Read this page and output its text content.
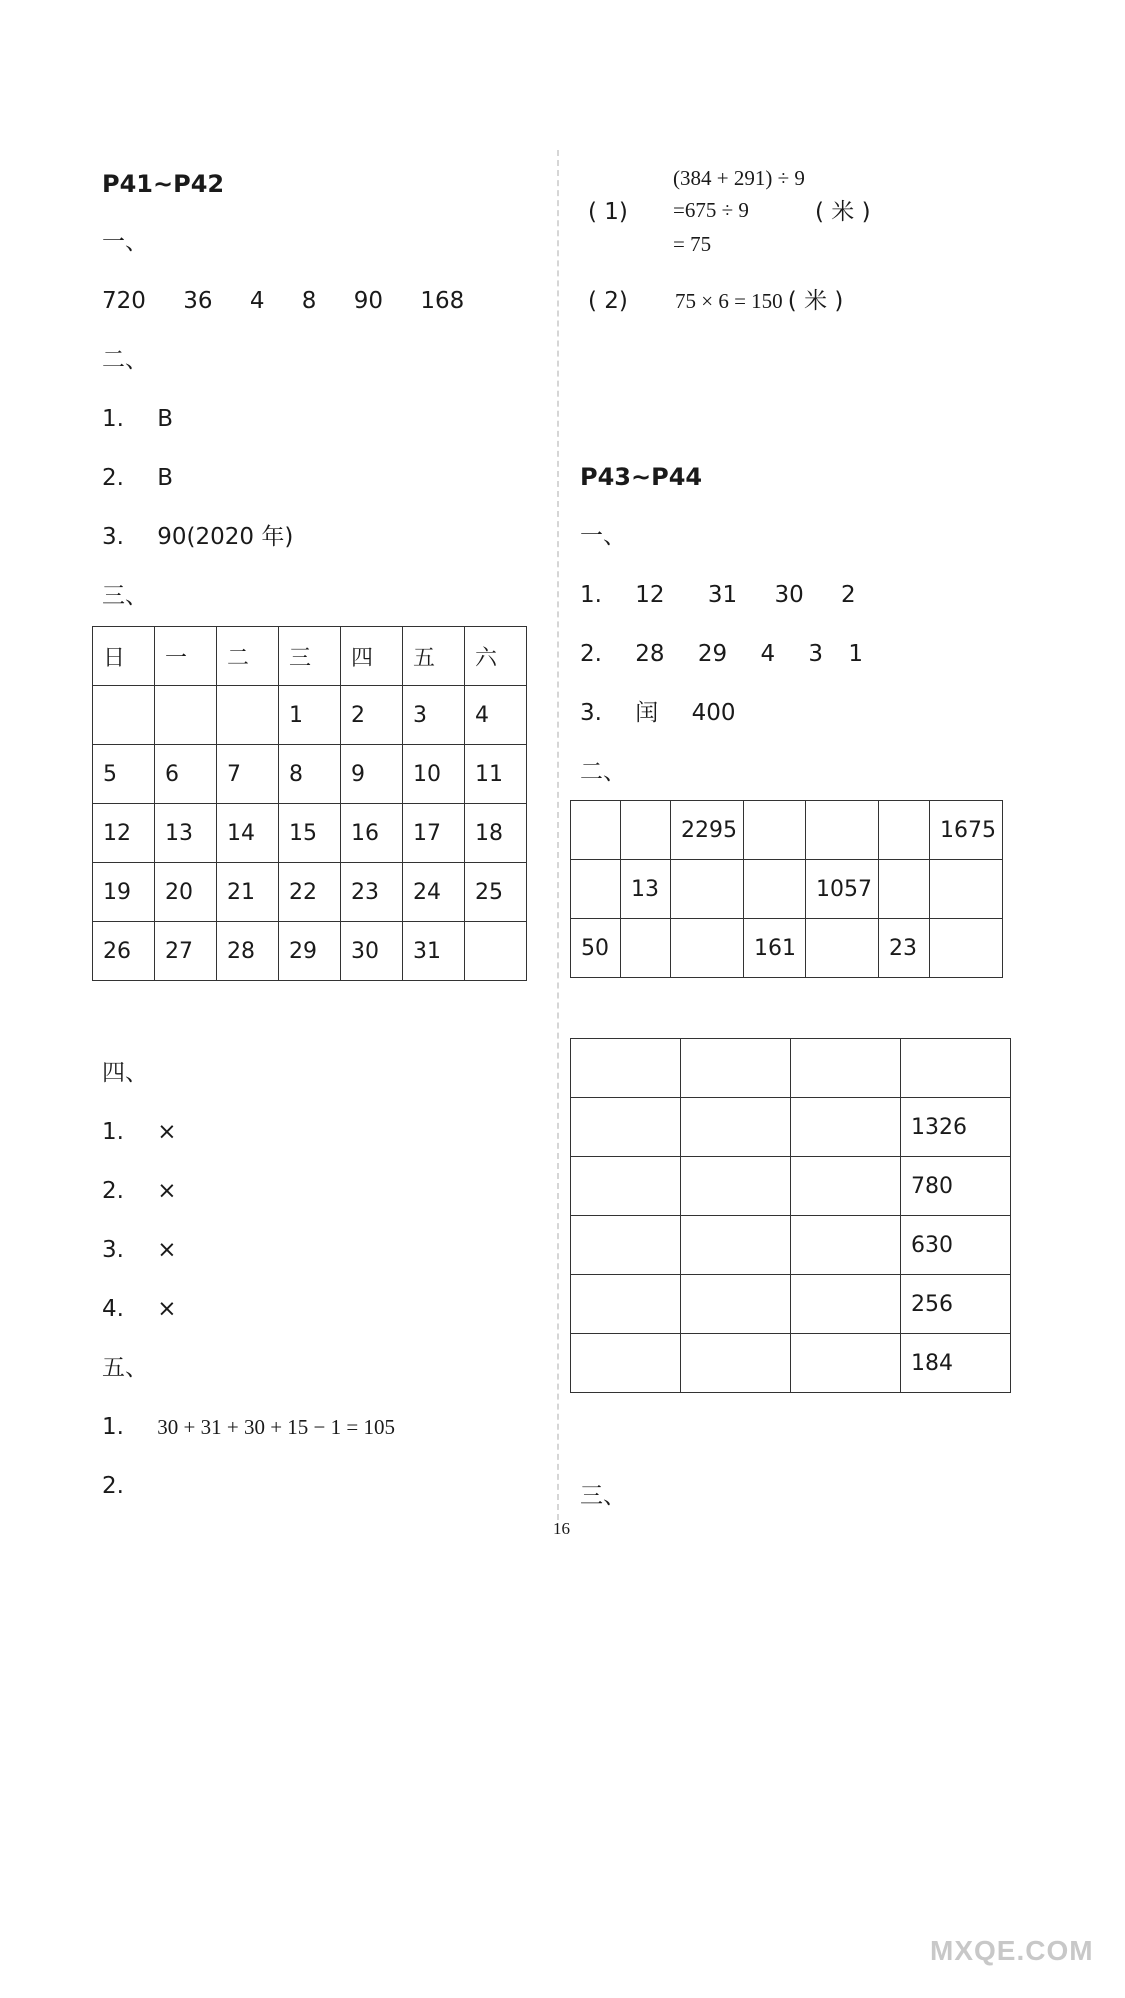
P41~P42
一、
720 36 4 8 90 168
二、
1. B
2. B
3. 90(2020 年)
三、
日	一	二	三	四	五	六
			1	2	3	4
5	6	7	8	9	10	11
12	13	14	15	16	17	18
19	20	21	22	23	24	25
26	27	28	29	30	31	
四、
1. ×
2. ×
3. ×
4. ×
五、
1. 30 + 31 + 30 + 15 − 1 = 105
2.
(384 + 291) ÷ 9
( 1) =675 ÷ 9	( 米 )
= 75
( 2) 75 × 6 = 150 ( 米 )
P43~P44
一、
1. 12 31 30 2
2. 28 29 4 3 1
3. 闰 400
二、
		2295				1675
	13			1057		
50			161		23	

			1326
			780
			630
			256
			184
三、
16
MXQE.COM
